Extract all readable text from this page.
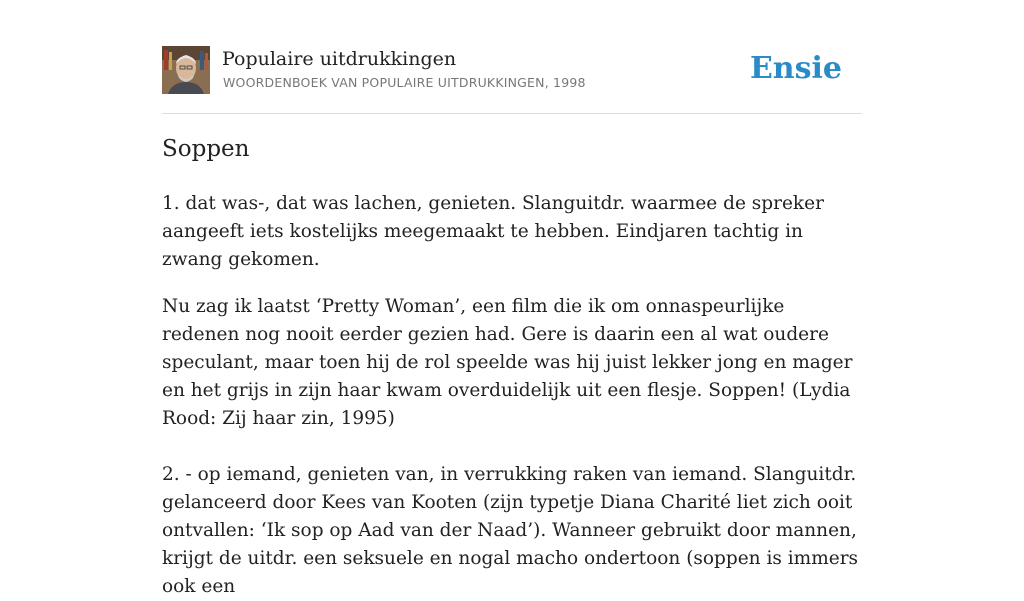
Populaire uitdrukkingen
WOORDENBOEK VAN POPULAIRE UITDRUKKINGEN, 1998	Ensie
Soppen

1. dat was-, dat was lachen, genieten. Slanguitdr. waarmee de spreker aangeeft iets kostelijks meegemaakt te hebben. Eindjaren tachtig in zwang gekomen.

Nu zag ik laatst ‘Pretty Woman’, een film die ik om onnaspeurlijke redenen nog nooit eerder gezien had. Gere is daarin een al wat oudere speculant, maar toen hij de rol speelde was hij juist lekker jong en mager en het grijs in zijn haar kwam overduidelijk uit een flesje. Soppen! (Lydia Rood: Zij haar zin, 1995)

2. - op iemand, genieten van, in verrukking raken van iemand. Slanguitdr. gelanceerd door Kees van Kooten (zijn typetje Diana Charité liet zich ooit ontvallen: ‘Ik sop op Aad van der Naad’). Wanneer gebruikt door mannen, krijgt de uitdr. een seksuele en nogal macho ondertoon (soppen is immers ook een
